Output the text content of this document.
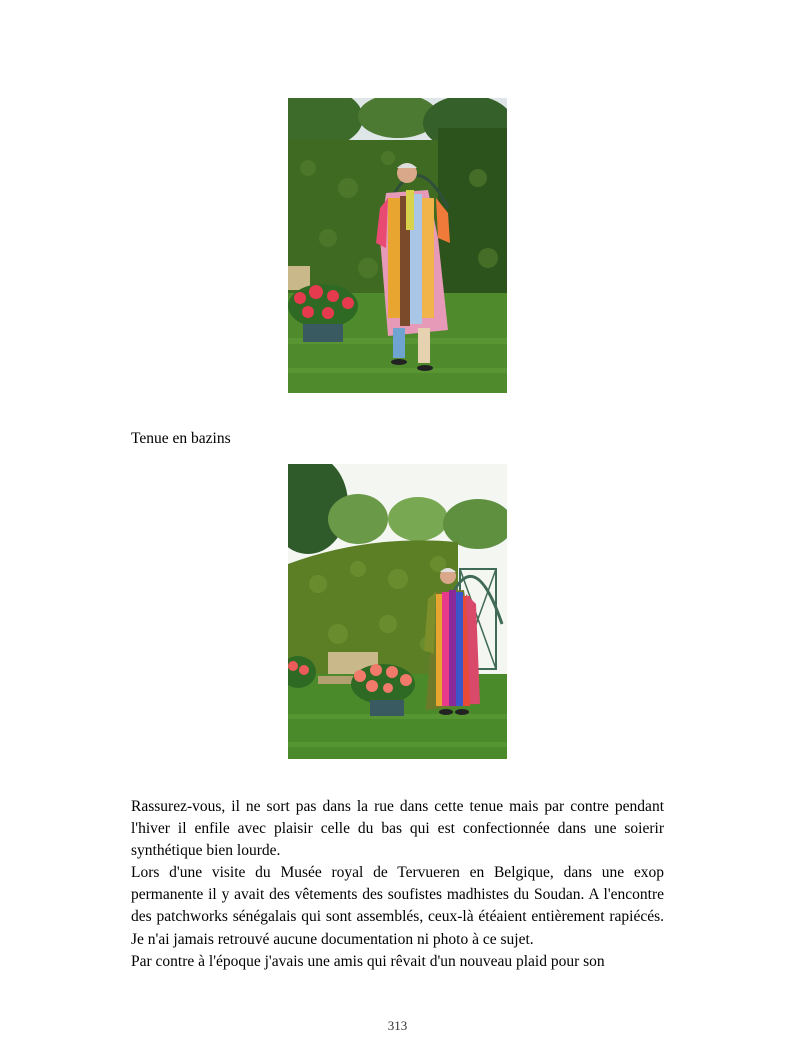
Tenue en bazins

Rassurez-vous, il ne sort pas dans la rue dans cette tenue mais par contre pendant l'hiver il enfile avec plaisir celle du bas qui est confectionnée dans une soierir synthétique bien lourde.

Lors d'une visite du Musée royal de Tervueren en Belgique, dans une exop permanente il y avait des vêtements des soufistes madhistes du Soudan. A l'encontre des patchworks sénégalais qui sont assemblés, ceux-là étéaient entièrement rapiécés. Je n'ai jamais retrouvé aucune documentation ni photo à ce sujet.

Par contre à l'époque j'avais une amis qui rêvait d'un nouveau plaid pour son

313
